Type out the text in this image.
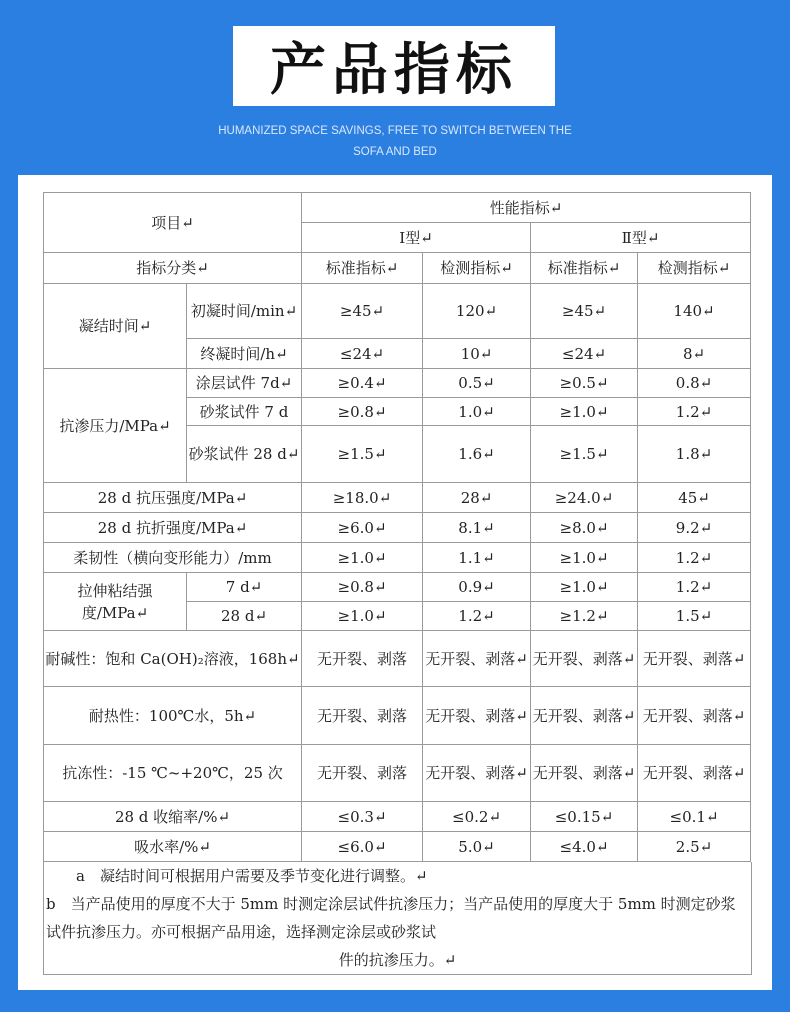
产品指标
HUMANIZED SPACE SAVINGS, FREE TO SWITCH BETWEEN THE
SOFA AND BED
项目↵		性能指标↵			
		Ⅰ型↵		Ⅱ型↵	
指标分类↵		标准指标↵	检测指标↵	标准指标↵	检测指标↵
凝结时间↵	初凝时间/min↵	≥45↵	120↵	≥45↵	140↵
	终凝时间/h↵	≤24↵	10↵	≤24↵	8↵
抗渗压力/MPa↵	涂层试件 7d↵	≥0.4↵	0.5↵	≥0.5↵	0.8↵
	砂浆试件 7 d	≥0.8↵	1.0↵	≥1.0↵	1.2↵
	砂浆试件 28 d↵	≥1.5↵	1.6↵	≥1.5↵	1.8↵
28 d 抗压强度/MPa↵		≥18.0↵	28↵	≥24.0↵	45↵
28 d 抗折强度/MPa↵		≥6.0↵	8.1↵	≥8.0↵	9.2↵
柔韧性（横向变形能力）/mm		≥1.0↵	1.1↵	≥1.0↵	1.2↵
拉伸粘结强度/MPa↵	7 d↵	≥0.8↵	0.9↵	≥1.0↵	1.2↵
	28 d↵	≥1.0↵	1.2↵	≥1.2↵	1.5↵
耐碱性：饱和 Ca(OH)₂溶液，168h↵		无开裂、剥落	无开裂、剥落↵	无开裂、剥落↵	无开裂、剥落↵
耐热性：100℃水，5h↵		无开裂、剥落	无开裂、剥落↵	无开裂、剥落↵	无开裂、剥落↵
抗冻性：-15 ℃~+20℃，25 次		无开裂、剥落	无开裂、剥落↵	无开裂、剥落↵	无开裂、剥落↵
28 d 收缩率/%↵		≤0.3↵	≤0.2↵	≤0.15↵	≤0.1↵
吸水率/%↵		≤6.0↵	5.0↵	≤4.0↵	2.5↵

a　凝结时间可根据用户需要及季节变化进行调整。↵

b　当产品使用的厚度不大于 5mm 时测定涂层试件抗渗压力；当产品使用的厚度大于 5mm 时测定砂浆试件抗渗压力。亦可根据产品用途，选择测定涂层或砂浆试

件的抗渗压力。↵
